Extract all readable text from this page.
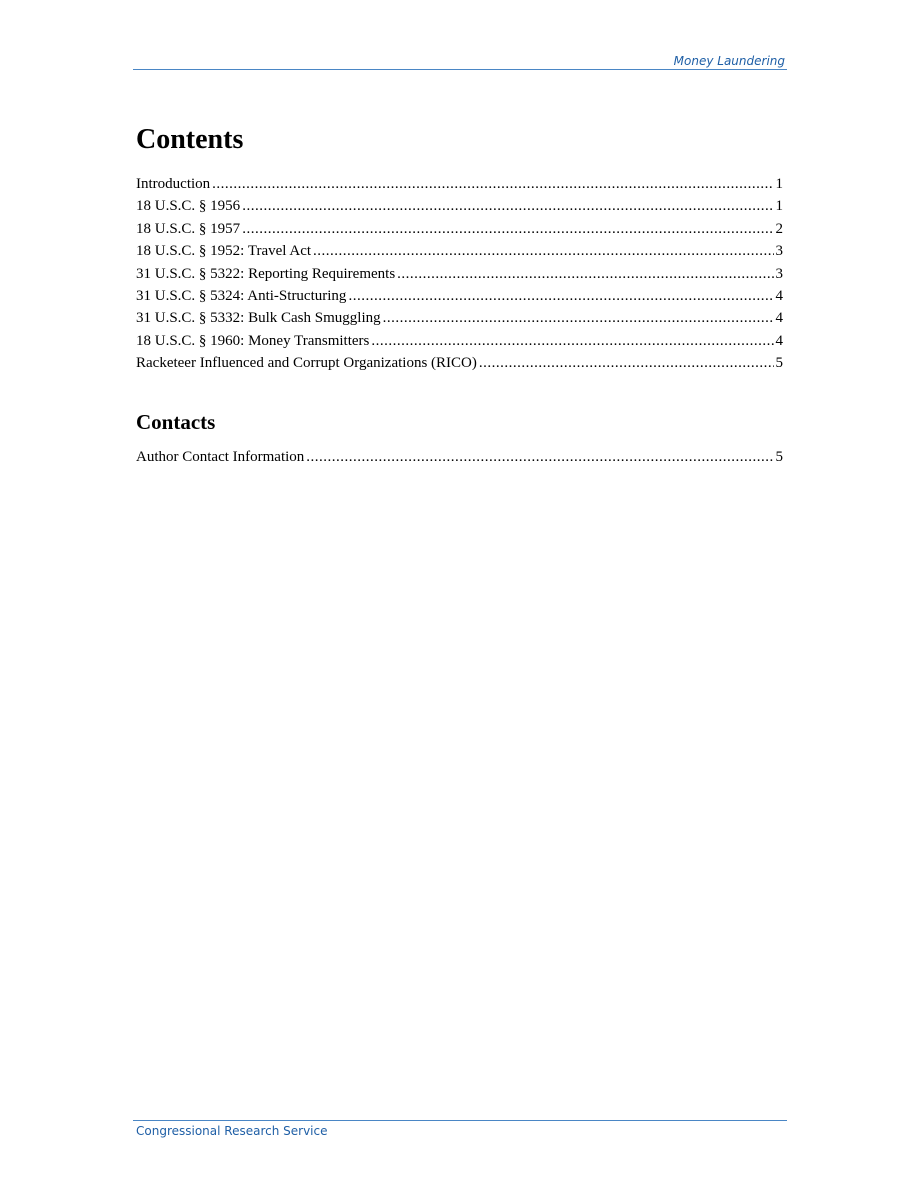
Money Laundering
Contents
Introduction .....	1
18 U.S.C. § 1956 .....	1
18 U.S.C. § 1957 .....	2
18 U.S.C. § 1952: Travel Act .....	3
31 U.S.C. § 5322: Reporting Requirements .....	3
31 U.S.C. § 5324: Anti-Structuring .....	4
31 U.S.C. § 5332: Bulk Cash Smuggling .....	4
18 U.S.C. § 1960: Money Transmitters .....	4
Racketeer Influenced and Corrupt Organizations (RICO) .....	5
Contacts
Author Contact Information .....	5
Congressional Research Service
